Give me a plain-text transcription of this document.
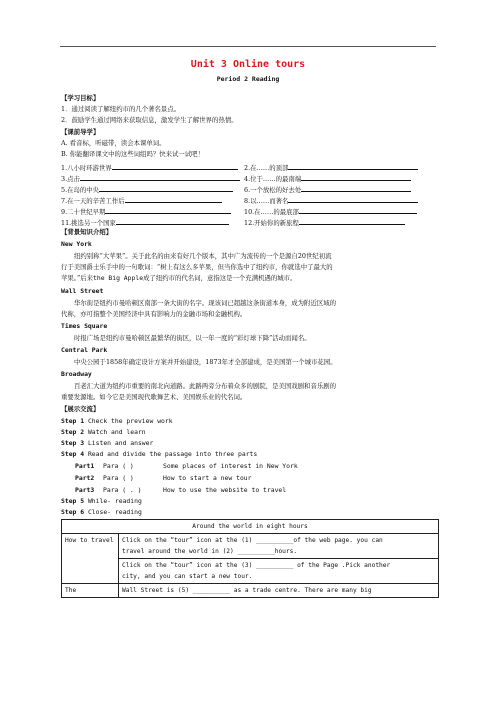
Unit 3 Online tours
Period 2 Reading
【学习目标】
1．通过阅读了解纽约市的几个著名景点。
2．鼓励学生通过网络来获取信息，激发学生了解世界的热情。
【课前导学】
A. 看音标，听磁带，读会本课单词。
B. 你能翻译课文中的这些词组吗？快来试一试吧！
1.八小时环游世界	2.在……的顶部
3.点击	4.位于……的最南端
5.在岛的中央	6.一个放松的好去处
7.在一天的辛苦工作后	8.以……而著名
9.二十世纪早期	10.在……的最底部
11.挑选另一个国家	12.开始你的新旅程
【背景知识介绍】
New York
纽约别称“大苹果”。关于此名的由来有好几个版本，其中广为流传的一个是源自20世纪初流
行于美国爵士乐手中的一句歌词：“树上有这么多苹果，但当你选中了纽约市，你就选中了最大的
苹果。”后来the Big Apple成了纽约市的代名词，意指这是一个充满机遇的城市。
Wall Street
华尔街是纽约市曼哈顿区南部一条大街的名字。现该词已超越这条街道本身，成为附近区域的
代称，亦可指整个美国经济中具有影响力的金融市场和金融机构。
Times Square
时报广场是纽约市曼哈顿区最繁华的街区，以一年一度的“彩灯球下降”活动而闻名。
Central Park
中央公园于1858年确定设计方案并开始建设，1873年才全部建成，是美国第一个城市花园。
Broadway
百老汇大道为纽约市重要的南北向道路。此路两旁分布着众多的剧院，是美国戏剧和音乐剧的
重要发源地。如今它是美国现代歌舞艺术、美国娱乐业的代名词。
【展示交流】
Step 1 Check the preview work
Step 2 Watch and learn
Step 3 Listen and answer
Step 4 Read and divide the passage into three parts
Part1 Para ( )	Some places of interest in New York
Part2 Para ( )	How to start a new tour
Part3 Para ( . )	How to use the website to travel
Step 5 While- reading
Step 6 Close- reading
Around the world in eight hours	
How to travel	Click on the “tour” icon at the (1) __________of the web page. you can
travel around the world in (2) __________hours.

	Click on the “tour” icon at the (3) __________ of the Page .Pick another
city, and you can start a new tour.

The	Wall Street is (5) __________ as a trade centre. There are many big
